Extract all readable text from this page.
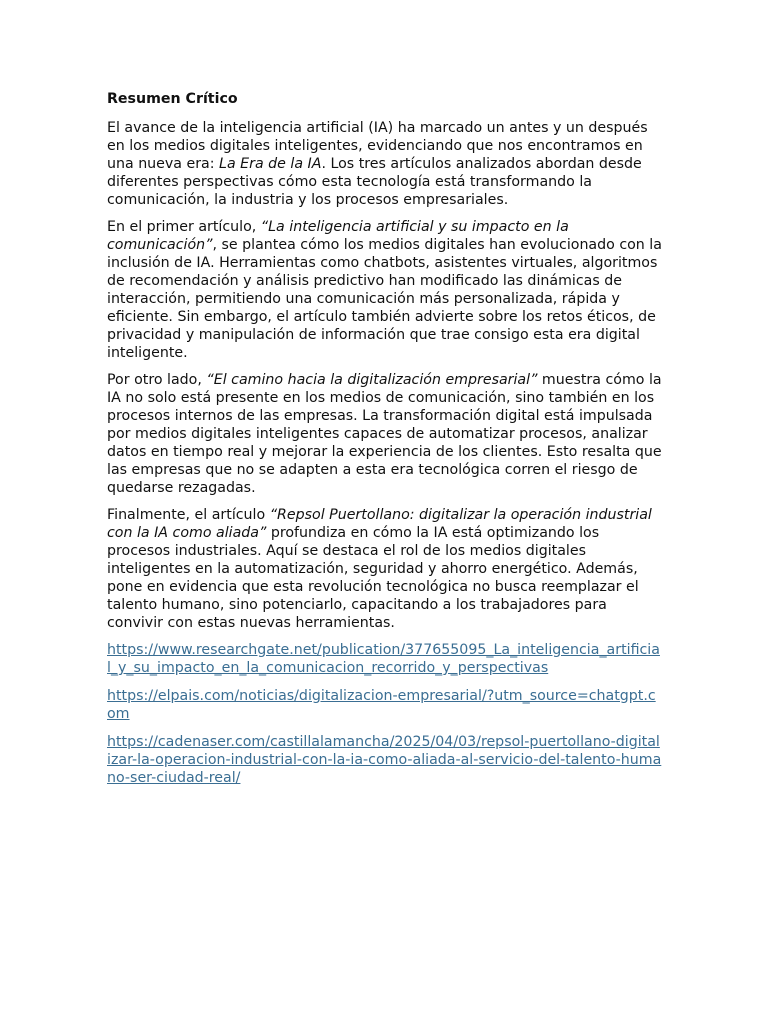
Resumen Crítico

El avance de la inteligencia artificial (IA) ha marcado un antes y un después en los medios digitales inteligentes, evidenciando que nos encontramos en una nueva era: La Era de la IA. Los tres artículos analizados abordan desde diferentes perspectivas cómo esta tecnología está transformando la comunicación, la industria y los procesos empresariales.

En el primer artículo, “La inteligencia artificial y su impacto en la comunicación”, se plantea cómo los medios digitales han evolucionado con la inclusión de IA. Herramientas como chatbots, asistentes virtuales, algoritmos de recomendación y análisis predictivo han modificado las dinámicas de interacción, permitiendo una comunicación más personalizada, rápida y eficiente. Sin embargo, el artículo también advierte sobre los retos éticos, de privacidad y manipulación de información que trae consigo esta era digital inteligente.

Por otro lado, “El camino hacia la digitalización empresarial” muestra cómo la IA no solo está presente en los medios de comunicación, sino también en los procesos internos de las empresas. La transformación digital está impulsada por medios digitales inteligentes capaces de automatizar procesos, analizar datos en tiempo real y mejorar la experiencia de los clientes. Esto resalta que las empresas que no se adapten a esta era tecnológica corren el riesgo de quedarse rezagadas.

Finalmente, el artículo “Repsol Puertollano: digitalizar la operación industrial con la IA como aliada” profundiza en cómo la IA está optimizando los procesos industriales. Aquí se destaca el rol de los medios digitales inteligentes en la automatización, seguridad y ahorro energético. Además, pone en evidencia que esta revolución tecnológica no busca reemplazar el talento humano, sino potenciarlo, capacitando a los trabajadores para convivir con estas nuevas herramientas.

https://www.researchgate.net/publication/377655095_La_inteligencia_artificial_y_su_impacto_en_la_comunicacion_recorrido_y_perspectivas

https://elpais.com/noticias/digitalizacion-empresarial/?utm_source=chatgpt.com

https://cadenaser.com/castillalamancha/2025/04/03/repsol-puertollano-digitalizar-la-operacion-industrial-con-la-ia-como-aliada-al-servicio-del-talento-humano-ser-ciudad-real/
